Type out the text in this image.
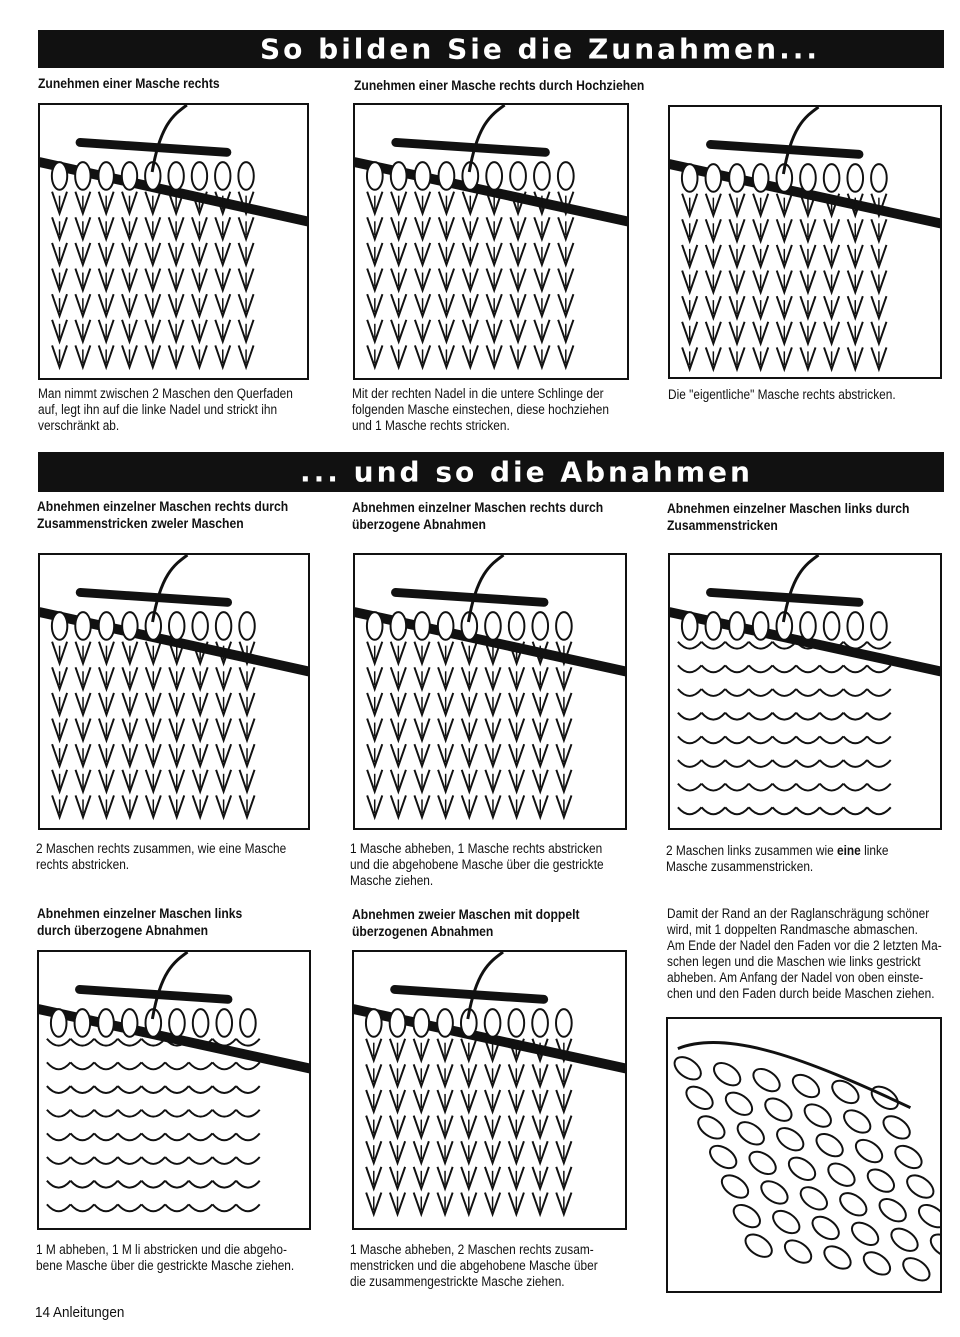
So bilden Sie die Zunahmen...
Zunehmen einer Masche rechts	Zunehmen einer Masche rechts durch Hochziehen
Man nimmt zwischen 2 Maschen den Querfaden
auf, legt ihn auf die linke Nadel und strickt ihn
verschränkt ab.
Mit der rechten Nadel in die untere Schlinge der
folgenden Masche einstechen, diese hochziehen
und 1 Masche rechts stricken.
Die "eigentliche" Masche rechts abstricken.
... und so die Abnahmen
Abnehmen einzelner Maschen rechts durch
Zusammenstricken zweler Maschen
Abnehmen einzelner Maschen rechts durch
überzogene Abnahmen
Abnehmen einzelner Maschen links durch
Zusammenstricken
2 Maschen rechts zusammen, wie eine Masche
rechts abstricken.
1 Masche abheben, 1 Masche rechts abstricken
und die abgehobene Masche über die gestrickte
Masche ziehen.
2 Maschen links zusammen wie eine linke
Masche zusammenstricken.
Abnehmen einzelner Maschen links
durch überzogene Abnahmen
Abnehmen zweier Maschen mit doppelt
überzogenen Abnahmen
Damit der Rand an der Raglanschrägung schöner
wird, mit 1 doppelten Randmasche abmaschen.
Am Ende der Nadel den Faden vor die 2 letzten Ma-
schen legen und die Maschen wie links gestrickt
abheben. Am Anfang der Nadel von oben einste-
chen und den Faden durch beide Maschen ziehen.
1 M abheben, 1 M li abstricken und die abgeho-
bene Masche über die gestrickte Masche ziehen.
1 Masche abheben, 2 Maschen rechts zusam-
menstricken und die abgehobene Masche über
die zusammengestrickte Masche ziehen.
14 Anleitungen
